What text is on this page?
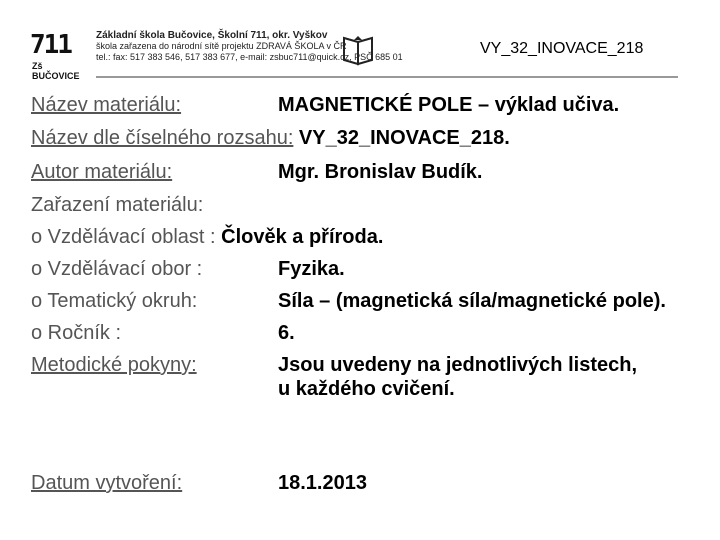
711
Zš BUČOVICE
Základní škola Bučovice, Školní 711, okr. Vyškov
škola zařazena do národní sítě projektu ZDRAVÁ ŠKOLA v ČR
tel.: fax: 517 383 546, 517 383 677, e-mail: zsbuc711@quick.cz, PSČ 685 01	VY_32_INOVACE_218
Název materiálu:	MAGNETICKÉ POLE – výklad učiva.
Název dle číselného rozsahu: VY_32_INOVACE_218.
Autor materiálu:	Mgr. Bronislav Budík.
Zařazení materiálu:
o Vzdělávací oblast : Člověk a příroda.
o Vzdělávací obor :	Fyzika.
o Tematický okruh:	Síla – (magnetická síla/magnetické pole).
o Ročník :	6.
Metodické pokyny:	Jsou uvedeny na jednotlivých listech,
u každého cvičení.
Datum vytvoření:	18.1.2013
